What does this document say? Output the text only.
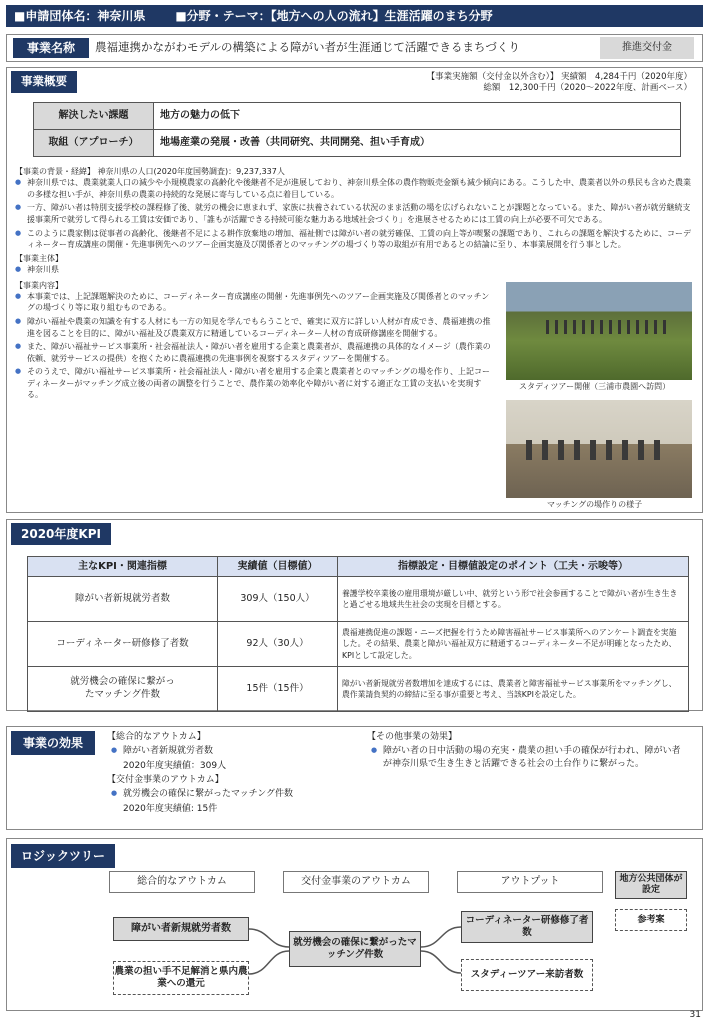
■申請団体名：神奈川県	■分野・テーマ：【地方への人の流れ】生涯活躍のまち分野
事業名称	農福連携かながわモデルの構築による障がい者が生涯通じて活躍できるまちづくり	推進交付金
事業概要	【事業実施額（交付金以外含む）】 実績額　4,284千円（2020年度）
総額　12,300千円（2020～2022年度、計画ベース）
解決したい課題	地方の魅力の低下
取組（アプローチ）	地場産業の発展・改善（共同研究、共同開発、担い手育成）
【事業の背景・経緯】 神奈川県の人口(2020年度国勢調査)：9,237,337人
● 神奈川県では、農業就業人口の減少や小規模農家の高齢化や後継者不足が進展しており、神奈川県全体の農作物販売金額も減少傾向にある。こうした中、農業者以外の県民も含めた農業の多様な担い手が、神奈川県の農業の持続的な発展に寄与している点に着目している。
● 一方、障がい者は特別支援学校の課程修了後、就労の機会に恵まれず、家族に扶養されている状況のまま活動の場を広げられないことが課題となっている。また、障がい者が就労継続支援事業所で就労して得られる工賃は安価であり、「誰もが活躍できる持続可能な魅力ある地域社会づくり」を進展させるためには工賃の向上が必要不可欠である。
● このように農家側は従事者の高齢化、後継者不足による耕作放棄地の増加、福祉側では障がい者の就労確保、工賃の向上等が喫緊の課題であり、これらの課題を解決するために、コーディネーター育成講座の開催・先進事例先へのツアー企画実施及び関係者とのマッチングの場づくり等の取組が有用であるとの結論に至り、本事業展開を行う事とした。
【事業主体】
● 神奈川県
【事業内容】
● 本事業では、上記課題解決のために、コーディネーター育成講座の開催・先進事例先へのツアー企画実施及び関係者とのマッチングの場づくり等に取り組むものである。
● 障がい福祉や農業の知識を有する人材にも一方の知見を学んでもらうことで、確実に双方に詳しい人材が育成でき、農福連携の推進を図ることを目的に、障がい福祉及び農業双方に精通しているコーディネーター人材の育成研修講座を開催する。
● また、障がい福祉サービス事業所・社会福祉法人・障がい者を雇用する企業と農業者が、農福連携の具体的なイメージ（農作業の依頼、就労サービスの提供）を抱くために農福連携の先進事例を視察するスタディツアーを開催する。
● そのうえで、障がい福祉サービス事業所・社会福祉法人・障がい者を雇用する企業と農業者とのマッチングの場を作り、上記コーディネーターがマッチング成立後の両者の調整を行うことで、農作業の効率化や障がい者に対する適正な工賃の支払いを実現する。
スタディツアー開催（三浦市農園へ訪問）
マッチングの場作りの様子
2020年度KPI
主なKPI・関連指標	実績値（目標値）	指標設定・目標値設定のポイント（工夫・示唆等）
障がい者新規就労者数	309人（150人）	養護学校卒業後の雇用環境が厳しい中、就労という形で社会参画することで障がい者が生き生きと過ごせる地域共生社会の実現を目標とする。
コーディネーター研修修了者数	92人（30人）	農福連携促進の課題・ニーズ把握を行うため障害福祉サービス事業所へのアンケート調査を実施した。その結果、農業と障がい福祉双方に精通するコーディネーター不足が明確となったため、KPIとして設定した。
就労機会の確保に繋がったマッチング件数	15件（15件）	障がい者新規就労者数増加を達成するには、農業者と障害福祉サービス事業所をマッチングし、農作業請負契約の締結に至る事が重要と考え、当該KPIを設定した。
事業の効果	【総合的なアウトカム】
● 障がい者新規就労者数
2020年度実績値：309人
【交付金事業のアウトカム】
● 就労機会の確保に繋がったマッチング件数
2020年度実績値: 15件
【その他事業の効果】
● 障がい者の日中活動の場の充実・農業の担い手の確保が行われ、障がい者が神奈川県で生き生きと活躍できる社会の土台作りに繋がった。
ロジックツリー
総合的なアウトカム	交付金事業のアウトカム	アウトプット	地方公共団体が設定
参考案
障がい者新規就労者数
農業の担い手不足解消と県内農業への還元
就労機会の確保に繋がったマッチング件数
コーディネーター研修修了者数
スタディーツアー来訪者数
31
